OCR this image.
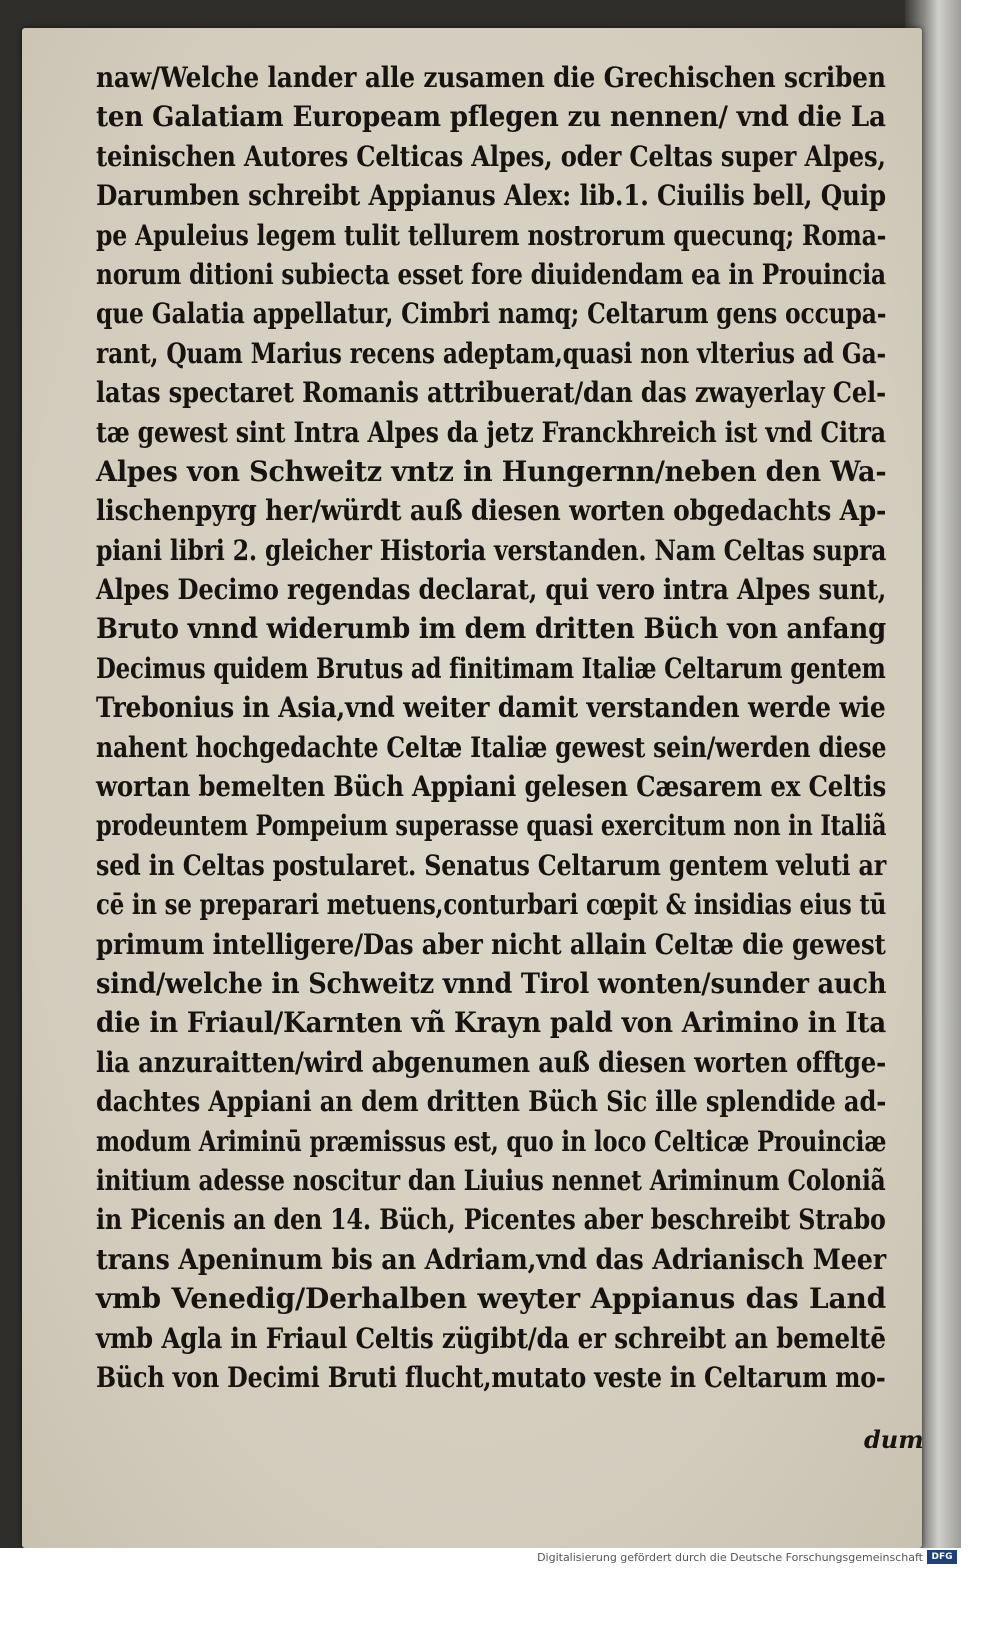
naw/Welche lander alle zusamen die Grechischen scriben
ten Galatiam Europeam pflegen zu nennen/ vnd die La
teinischen Autores Celticas Alpes, oder Celtas super Alpes,
Darumben schreibt Appianus Alex: lib.1. Ciuilis bell, Quip
pe Apuleius legem tulit tellurem nostrorum quecunq; Roma-
norum ditioni subiecta esset fore diuidendam ea in Prouincia
que Galatia appellatur, Cimbri namq; Celtarum gens occupa-
rant, Quam Marius recens adeptam,quasi non vlterius ad Ga-
latas spectaret Romanis attribuerat/dan das zwayerlay Cel-
tæ gewest sint Intra Alpes da jetz Franckhreich ist vnd Citra
Alpes von Schweitz vntz in Hungernn/neben den Wa-
lischenpyrg her/würdt auß diesen worten obgedachts Ap-
piani libri 2. gleicher Historia verstanden. Nam Celtas supra
Alpes Decimo regendas declarat, qui vero intra Alpes sunt,
Bruto vnnd widerumb im dem dritten Büch von anfang
Decimus quidem Brutus ad finitimam Italiæ Celtarum gentem
Trebonius in Asia,vnd weiter damit verstanden werde wie
nahent hochgedachte Celtæ Italiæ gewest sein/werden diese
wortan bemelten Büch Appiani gelesen Cæsarem ex Celtis
prodeuntem Pompeium superasse quasi exercitum non in Italiã
sed in Celtas postularet. Senatus Celtarum gentem veluti ar
cē in se preparari metuens,conturbari cœpit & insidias eius tū
primum intelligere/Das aber nicht allain Celtæ die gewest
sind/welche in Schweitz vnnd Tirol wonten/sunder auch
die in Friaul/Karnten vñ Krayn pald von Arimino in Ita
lia anzuraitten/wird abgenumen auß diesen worten offtge-
dachtes Appiani an dem dritten Büch Sic ille splendide ad-
modum Ariminū præmissus est, quo in loco Celticæ Prouinciæ
initium adesse noscitur dan Liuius nennet Ariminum Coloniã
in Picenis an den 14. Büch, Picentes aber beschreibt Strabo
trans Apeninum bis an Adriam,vnd das Adrianisch Meer
vmb Venedig/Derhalben weyter Appianus das Land
vmb Agla in Friaul Celtis zügibt/da er schreibt an bemeltē
Büch von Decimi Bruti flucht,mutato veste in Celtarum mo-
dum
Digitalisierung gefördert durch die Deutsche Forschungsgemeinschaft DFG
